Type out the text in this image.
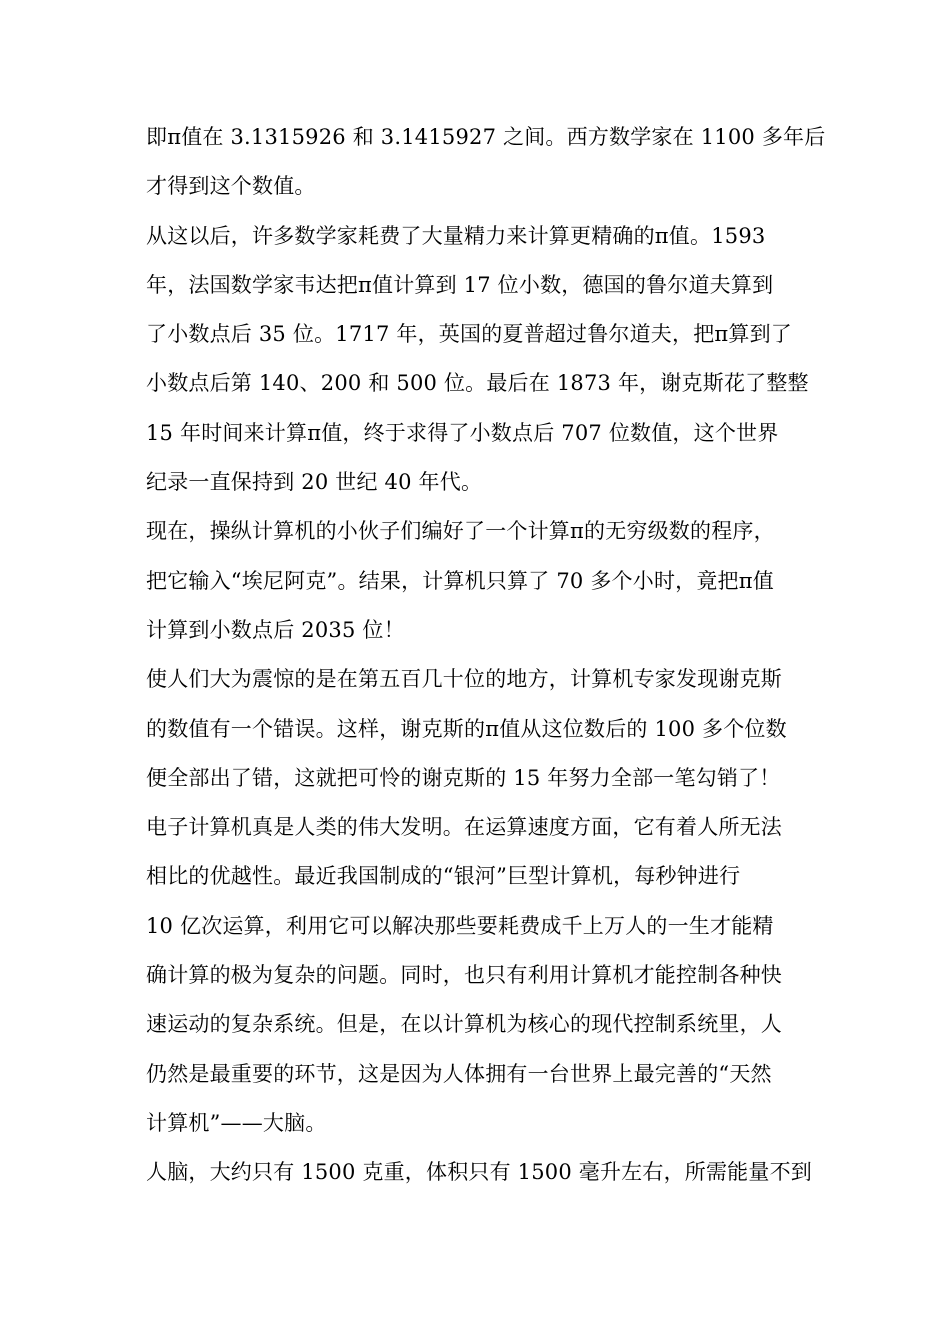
即π值在 3.1315926 和 3.1415927 之间。西方数学家在 1100 多年后
才得到这个数值。
从这以后，许多数学家耗费了大量精力来计算更精确的π值。1593
年，法国数学家韦达把π值计算到 17 位小数，德国的鲁尔道夫算到
了小数点后 35 位。1717 年，英国的夏普超过鲁尔道夫，把π算到了
小数点后第 140、200 和 500 位。最后在 1873 年，谢克斯花了整整
15 年时间来计算π值，终于求得了小数点后 707 位数值，这个世界
纪录一直保持到 20 世纪 40 年代。
现在，操纵计算机的小伙子们编好了一个计算π的无穷级数的程序，
把它输入“埃尼阿克”。结果，计算机只算了 70 多个小时，竟把π值
计算到小数点后 2035 位！
使人们大为震惊的是在第五百几十位的地方，计算机专家发现谢克斯
的数值有一个错误。这样，谢克斯的π值从这位数后的 100 多个位数
便全部出了错，这就把可怜的谢克斯的 15 年努力全部一笔勾销了！
电子计算机真是人类的伟大发明。在运算速度方面，它有着人所无法
相比的优越性。最近我国制成的“银河”巨型计算机，每秒钟进行
10 亿次运算，利用它可以解决那些要耗费成千上万人的一生才能精
确计算的极为复杂的问题。同时，也只有利用计算机才能控制各种快
速运动的复杂系统。但是，在以计算机为核心的现代控制系统里，人
仍然是最重要的环节，这是因为人体拥有一台世界上最完善的“天然
计算机”——大脑。
人脑，大约只有 1500 克重，体积只有 1500 毫升左右，所需能量不到
